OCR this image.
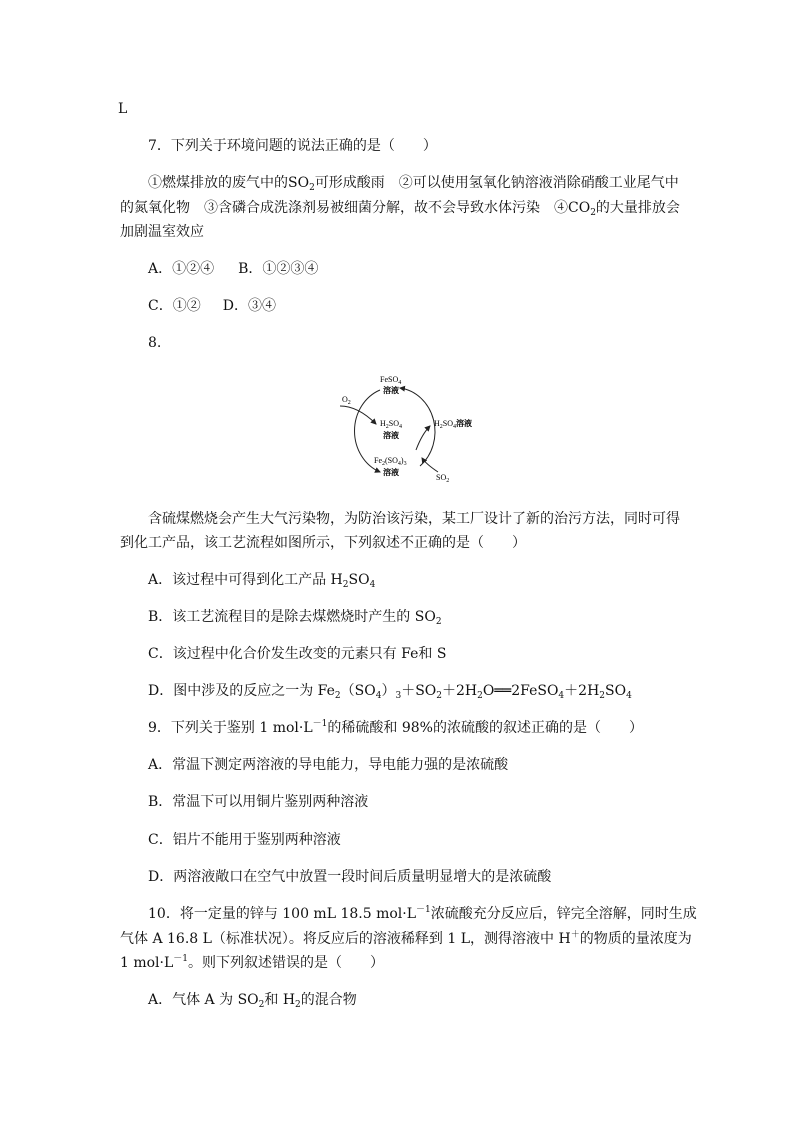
L
7．下列关于环境问题的说法正确的是（　　）
①燃煤排放的废气中的$SO_2$可形成酸雨　②可以使用氢氧化钠溶液消除硝酸工业尾气中
的氮氧化物　③含磷合成洗涤剂易被细菌分解，故不会导致水体污染　$④CO_2$的大量排放会
加剧温室效应
A．①②④ B．①②③④
C．①② D．③④
8.
FeSO$_4$
溶液
$O_2$
$H_2SO_4$
溶液
$H_2SO_4$溶液
$Fe_2(SO_4)_3$
溶液
$SO_2$
含硫煤燃烧会产生大气污染物，为防治该污染，某工厂设计了新的治污方法，同时可得
到化工产品，该工艺流程如图所示，下列叙述不正确的是（　　）
A．该过程中可得到化工产品 $H_2SO_4$
B．该工艺流程目的是除去煤燃烧时产生的 $SO_2$
C．该过程中化合价发生改变的元素只有 Fe和 S
D．图中涉及的反应之一为 $Fe_2(SO_4)_3+SO_2+2H_2O══2FeSO_4+2H_2SO_4$
9．下列关于鉴别 1 $mol\cdot L^{-1}$的稀硫酸和 98%的浓硫酸的叙述正确的是（　　）
A．常温下测定两溶液的导电能力，导电能力强的是浓硫酸
B．常温下可以用铜片鉴别两种溶液
C．铝片不能用于鉴别两种溶液
D．两溶液敞口在空气中放置一段时间后质量明显增大的是浓硫酸
10．将一定量的锌与 100 mL 18.5 $mol\cdot L^{-1}$浓硫酸充分反应后，锌完全溶解，同时生成
气体 A 16.8 L（标准状况）。将反应后的溶液稀释到 1 L，测得溶液中 H＋的物质的量浓度为
1 $mol\cdot L^{-1}$。则下列叙述错误的是（　　）
A．气体 A 为 $SO_2$和 $H_2$的混合物
